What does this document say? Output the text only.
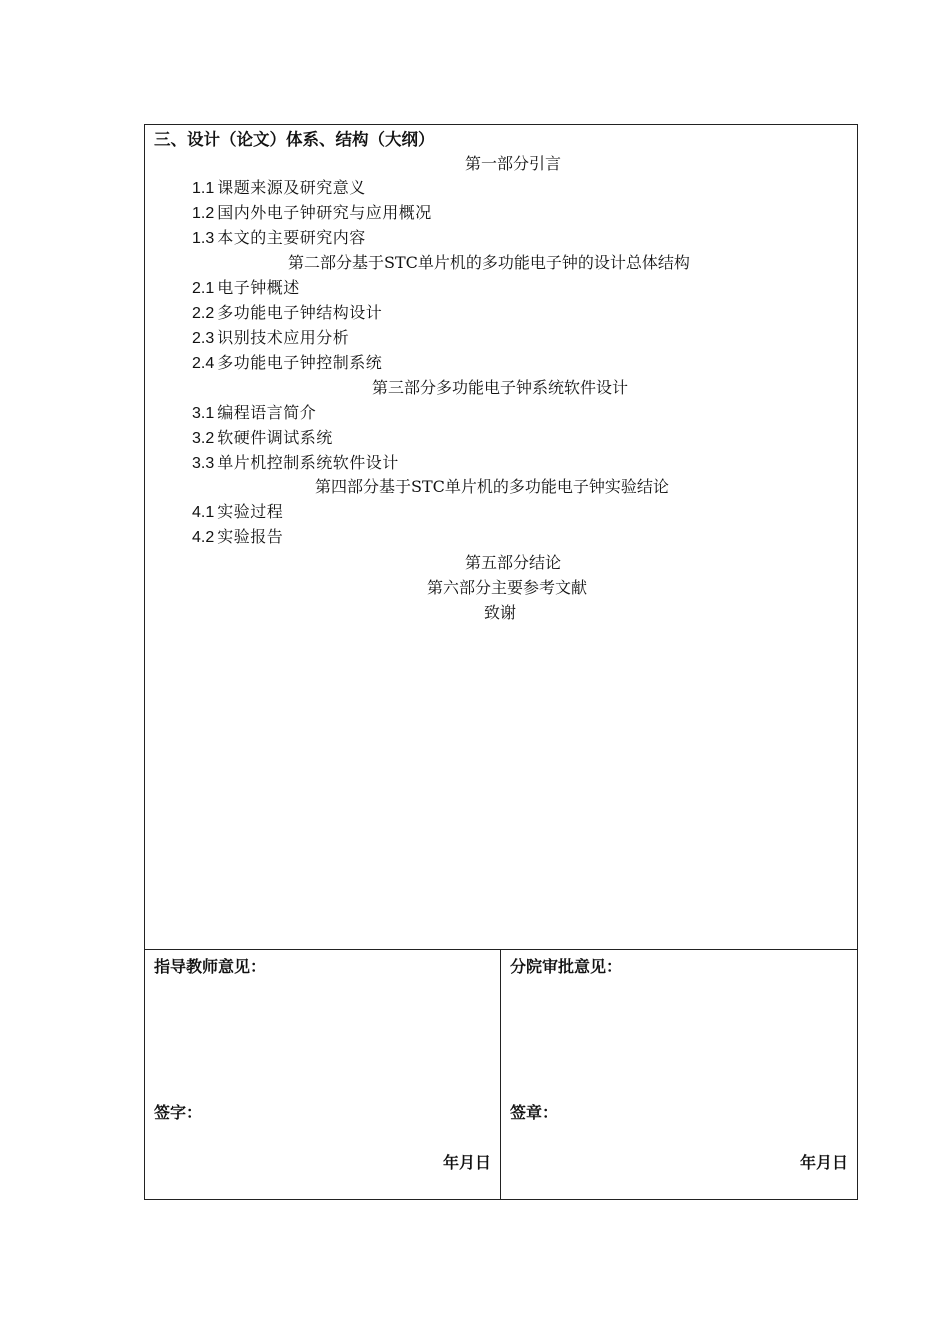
三、设计（论文）体系、结构（大纲）
第一部分引言
1.1 课题来源及研究意义
1.2 国内外电子钟研究与应用概况
1.3 本文的主要研究内容
第二部分基于STC单片机的多功能电子钟的设计总体结构
2.1 电子钟概述
2.2 多功能电子钟结构设计
2.3 识别技术应用分析
2.4 多功能电子钟控制系统
第三部分多功能电子钟系统软件设计
3.1 编程语言简介
3.2 软硬件调试系统
3.3 单片机控制系统软件设计
第四部分基于STC单片机的多功能电子钟实验结论
4.1 实验过程
4.2 实验报告
第五部分结论
第六部分主要参考文献
致谢
指导教师意见：
签字：
年月日
分院审批意见：
签章：
年月日
